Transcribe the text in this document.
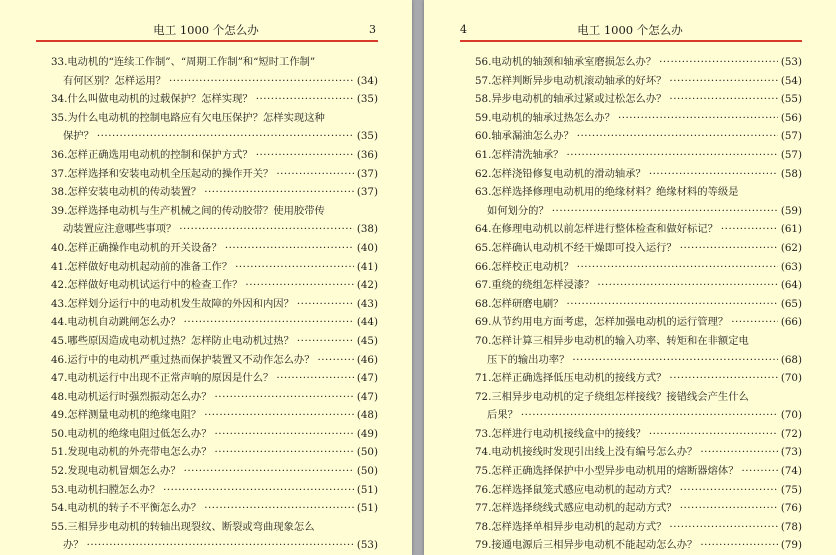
电工 1000 个怎么办	3
33.电动机的“连续工作制”、“周期工作制”和“短时工作制”
有何区别？怎样运用？ ·····	(34)
34.什么叫做电动机的过载保护？怎样实现？ ·····	(35)
35.为什么电动机的控制电路应有欠电压保护？怎样实现这种
保护？ ·····	(35)
36.怎样正确选用电动机的控制和保护方式？ ·····	(36)
37.怎样选择和安装电动机全压起动的操作开关？ ·····	(37)
38.怎样安装电动机的传动装置？ ·····	(37)
39.怎样选择电动机与生产机械之间的传动胶带？使用胶带传
动装置应注意哪些事项？ ·····	(38)
40.怎样正确操作电动机的开关设备？ ·····	(40)
41.怎样做好电动机起动前的准备工作？ ·····	(41)
42.怎样做好电动机试运行中的检查工作？ ·····	(42)
43.怎样划分运行中的电动机发生故障的外因和内因？ ·····	(43)
44.电动机自动跳闸怎么办？ ·····	(44)
45.哪些原因造成电动机过热？怎样防止电动机过热？ ·····	(45)
46.运行中的电动机严重过热而保护装置又不动作怎么办？ ·····	(46)
47.电动机运行中出现不正常声响的原因是什么？ ·····	(47)
48.电动机运行时强烈振动怎么办？ ·····	(47)
49.怎样测量电动机的绝缘电阻？ ·····	(48)
50.电动机的绝缘电阻过低怎么办？ ·····	(49)
51.发现电动机的外壳带电怎么办？ ·····	(50)
52.发现电动机冒烟怎么办？ ·····	(50)
53.电动机扫膛怎么办？ ·····	(51)
54.电动机的转子不平衡怎么办？ ·····	(51)
55.三相异步电动机的转轴出现裂纹、断裂或弯曲现象怎么
办？ ·····	(53)
4	电工 1000 个怎么办
56.电动机的轴颈和轴承室磨损怎么办？ ·····	(53)
57.怎样判断异步电动机滚动轴承的好坏？ ·····	(54)
58.异步电动机的轴承过紧或过松怎么办？ ·····	(55)
59.电动机的轴承过热怎么办？ ·····	(56)
60.轴承漏油怎么办？ ·····	(57)
61.怎样清洗轴承？ ·····	(57)
62.怎样浇铅修复电动机的滑动轴承？ ·····	(58)
63.怎样选择修理电动机用的绝缘材料？绝缘材料的等级是
如何划分的？ ·····	(59)
64.在修理电动机以前怎样进行整体检查和做好标记？ ·····	(61)
65.怎样确认电动机不经干燥即可投入运行？ ·····	(62)
66.怎样校正电动机？ ·····	(63)
67.重绕的绕组怎样浸漆？ ·····	(64)
68.怎样研磨电刷？ ·····	(65)
69.从节约用电方面考虑，怎样加强电动机的运行管理？ ·····	(66)
70.怎样计算三相异步电动机的输入功率、转矩和在非额定电
压下的输出功率？ ·····	(68)
71.怎样正确选择低压电动机的接线方式？ ·····	(70)
72.三相异步电动机的定子绕组怎样接线？接错线会产生什么
后果？ ·····	(70)
73.怎样进行电动机接线盒中的接线？ ·····	(72)
74.电动机接线时发现引出线上没有编号怎么办？ ·····	(73)
75.怎样正确选择保护中小型异步电动机用的熔断器熔体？ ·····	(74)
76.怎样选择鼠笼式感应电动机的起动方式？ ·····	(75)
77.怎样选择绕线式感应电动机的起动方式？ ·····	(76)
78.怎样选择单相异步电动机的起动方式？ ·····	(78)
79.接通电源后三相异步电动机不能起动怎么办？ ·····	(79)
